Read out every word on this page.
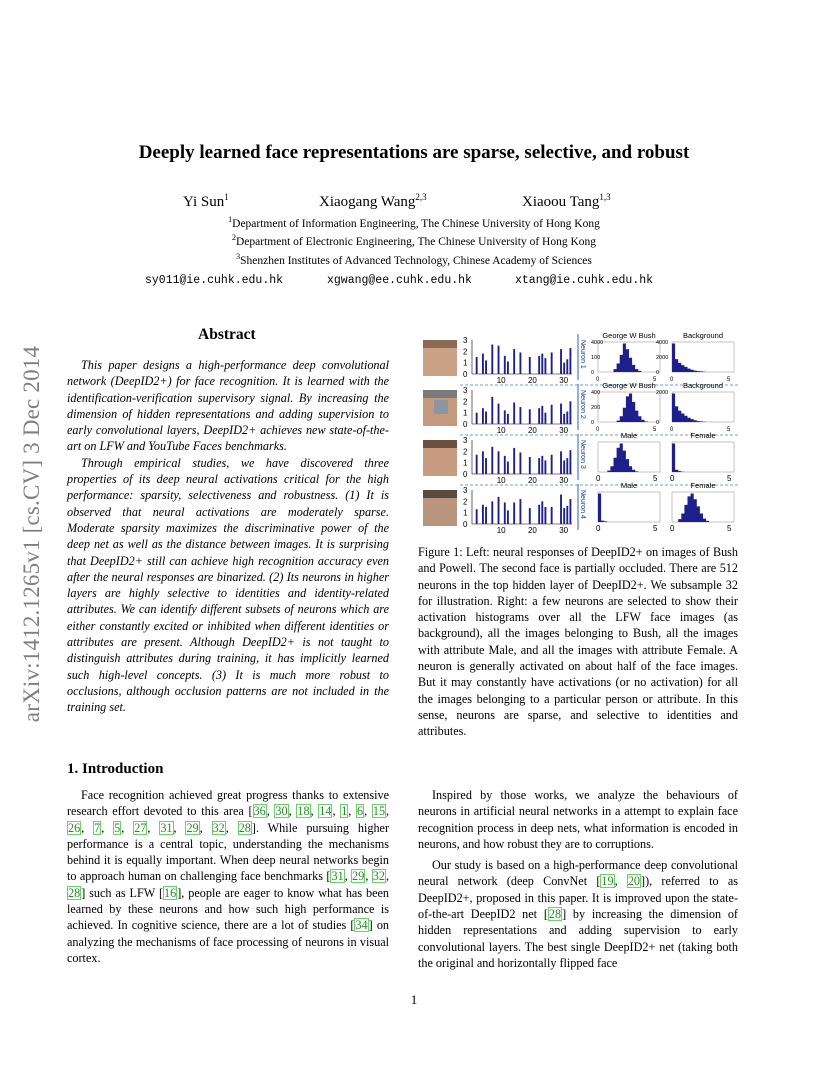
Deeply learned face representations are sparse, selective, and robust
Yi Sun$^1$	Xiaogang Wang$^{2,3}$	Xiaoou Tang$^{1,3}$
$^1$Department of Information Engineering, The Chinese University of Hong Kong
$^2$Department of Electronic Engineering, The Chinese University of Hong Kong
$^3$Shenzhen Institutes of Advanced Technology, Chinese Academy of Sciences
sy011@ie.cuhk.edu.hk	xgwang@ee.cuhk.edu.hk	xtang@ie.cuhk.edu.hk
arXiv:1412.1265v1 [cs.CV] 3 Dec 2014
Abstract

This paper designs a high-performance deep convolutional network (DeepID2+) for face recognition. It is learned with the identification-verification supervisory signal. By increasing the dimension of hidden representations and adding supervision to early convolutional layers, DeepID2+ achieves new state-of-the-art on LFW and YouTube Faces benchmarks.

Through empirical studies, we have discovered three properties of its deep neural activations critical for the high performance: sparsity, selectiveness and robustness. (1) It is observed that neural activations are moderately sparse. Moderate sparsity maximizes the discriminative power of the deep net as well as the distance between images. It is surprising that DeepID2+ still can achieve high recognition accuracy even after the neural responses are binarized. (2) Its neurons in higher layers are highly selective to identities and identity-related attributes. We can identify different subsets of neurons which are either constantly excited or inhibited when different identities or attributes are present. Although DeepID2+ is not taught to distinguish attributes during training, it has implicitly learned such high-level concepts. (3) It is much more robust to occlusions, although occlusion patterns are not included in the training set.

1. Introduction

Face recognition achieved great progress thanks to extensive research effort devoted to this area [36, 30, 18, 14, 1, 6, 15, 26, 7, 5, 27, 31, 29, 32, 28]. While pursuing higher performance is a central topic, understanding the mechanisms behind it is equally important. When deep neural networks begin to approach human on challenging face benchmarks [31, 29, 32, 28] such as LFW [16], people are eager to know what has been learned by these neurons and how such high performance is achieved. In cognitive science, there are a lot of studies [34] on analyzing the mechanisms of face processing of neurons in visual cortex.

Inspired by those works, we analyze the behaviours of neurons in artificial neural networks in a attempt to explain face recognition process in deep nets, what information is encoded in neurons, and how robust they are to corruptions.

Our study is based on a high-performance deep convolutional neural network (deep ConvNet [19, 20]), referred to as DeepID2+, proposed in this paper. It is improved upon the state-of-the-art DeepID2 net [28] by increasing the dimension of hidden representations and adding supervision to early convolutional layers. The best single DeepID2+ net (taking both the original and horizontally flipped face

3
2
1
0
10	20	30
Neuron 1
George W Bush
0	5
4000
100
0
Background
0	5
4000
2000
0
3
2
1
0
10	20	30
Neuron 2
George W Bush
0	5
400
200
0
Background
0	5
2000
0
3
2
1
0
10	20	30
Neuron 3
Male
0	5
Female
0	5
3
2
1
0
10	20	30
Neuron 4
Male
0	5
Female
0	5
Figure 1: Left: neural responses of DeepID2+ on images of Bush and Powell. The second face is partially occluded. There are 512 neurons in the top hidden layer of DeepID2+. We subsample 32 for illustration. Right: a few neurons are selected to show their activation histograms over all the LFW face images (as background), all the images belonging to Bush, all the images with attribute Male, and all the images with attribute Female. A neuron is generally activated on about half of the face images. But it may constantly have activations (or no activation) for all the images belonging to a particular person or attribute. In this sense, neurons are sparse, and selective to identities and attributes.
1
